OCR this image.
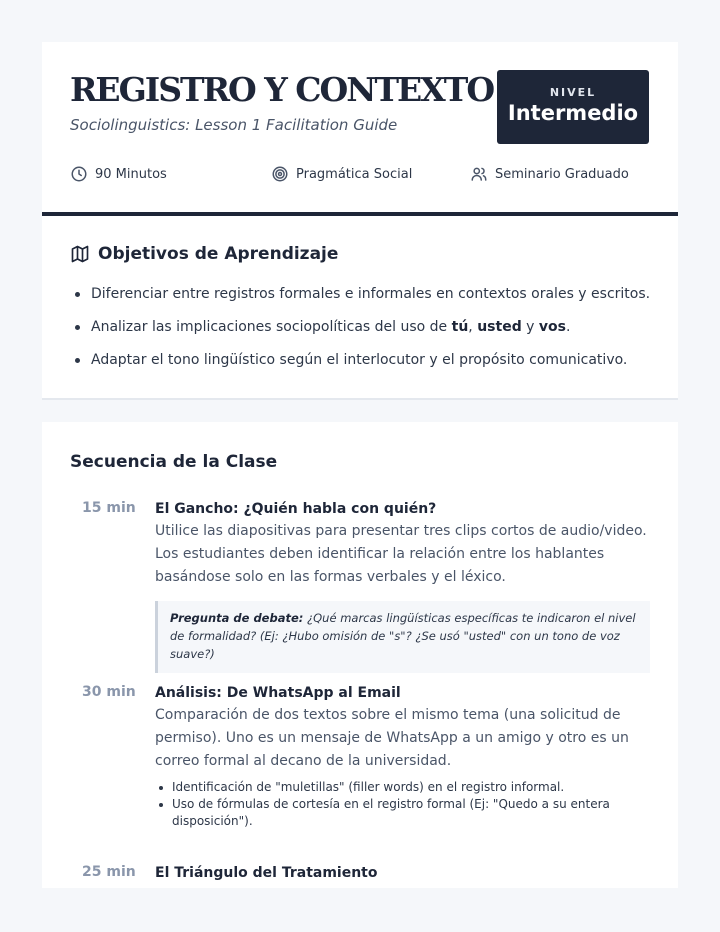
REGISTRO Y CONTEXTO
Sociolinguistics: Lesson 1 Facilitation Guide
NIVEL
Intermedio
90 Minutos	Pragmática Social	Seminario Graduado
Objetivos de Aprendizaje
Diferenciar entre registros formales e informales en contextos orales y escritos.
Analizar las implicaciones sociopolíticas del uso de tú, usted y vos.
Adaptar el tono lingüístico según el interlocutor y el propósito comunicativo.
Secuencia de la Clase
15 min	El Gancho: ¿Quién habla con quién?
Utilice las diapositivas para presentar tres clips cortos de audio/video. Los estudiantes deben identificar la relación entre los hablantes basándose solo en las formas verbales y el léxico.
Pregunta de debate: ¿Qué marcas lingüísticas específicas te indicaron el nivel de formalidad? (Ej: ¿Hubo omisión de "s"? ¿Se usó "usted" con un tono de voz suave?)
30 min	Análisis: De WhatsApp al Email
Comparación de dos textos sobre el mismo tema (una solicitud de permiso). Uno es un mensaje de WhatsApp a un amigo y otro es un correo formal al decano de la universidad.
Identificación de "muletillas" (filler words) en el registro informal.
Uso de fórmulas de cortesía en el registro formal (Ej: "Quedo a su entera disposición").
25 min	El Triángulo del Tratamiento
